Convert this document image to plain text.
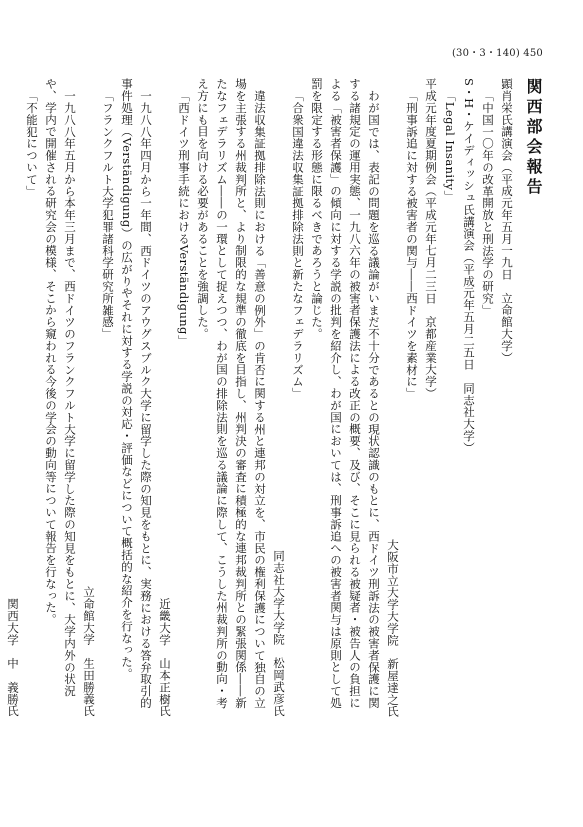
(30・3・140) 450
関西部会報告
顕肖栄氏講演会（平成元年五月一九日　立命館大学）
「中国一〇年の改革開放と刑法学の研究」
S・H・ケイディッシュ氏講演会（平成元年五月二五日　同志社大学）
「Legal Insanity」
平成元年度夏期例会（平成元年七月二三日　京都産業大学）
「刑事訴追に対する被害者の関与――西ドイツを素材に」
大阪市立大学大学院　新屋達之氏
わが国では、表記の問題を巡る議論がいまだ不十分であるとの現状認識のもとに、西ドイツ刑訴法の被害者保護に関する諸規定の運用実態、一九八六年の被害者保護法による改正の概要、及び、そこに見られる被疑者・被告人の負担による「被害者保護」の傾向に対する学説の批判を紹介し、わが国においては、刑事訴追への被害者関与は原則として処罰を限定する形態に限るべきであろうと論じた。
「合衆国違法収集証拠排除法則と新たなフェデラリズム」
同志社大学大学院　松岡武彦氏
違法収集証拠排除法則における「善意の例外」の肯否に関する州と連邦の対立を、市民の権利保護について独自の立場を主張する州裁判所と、より制限的な規準の徹底を目指し、州判決の審査に積極的な連邦裁判所との緊張関係――新たなフェデラリズム――の一環として捉えつつ、わが国の排除法則を巡る議論に際して、こうした州裁判所の動向・考え方にも目を向ける必要があることを強調した。
「西ドイツ刑事手続におけるVerständigung」
近畿大学　山本正樹氏
一九八八年四月から一年間、西ドイツのアウグスブルク大学に留学した際の知見をもとに、実務における答弁取引的事件処理（Verständigung）の広がりやそれに対する学説の対応・評価などについて概括的な紹介を行なった。
「フランクフルト大学犯罪諸科学研究所雑感」
立命館大学　生田勝義氏
一九八八年五月から本年三月まで、西ドイツのフランクフルト大学に留学した際の知見をもとに、大学内外の状況や、学内で開催される研究会の模様、そこから窺われる今後の学会の動向等について報告を行なった。
「不能犯について」
関西大学　中　義勝氏
